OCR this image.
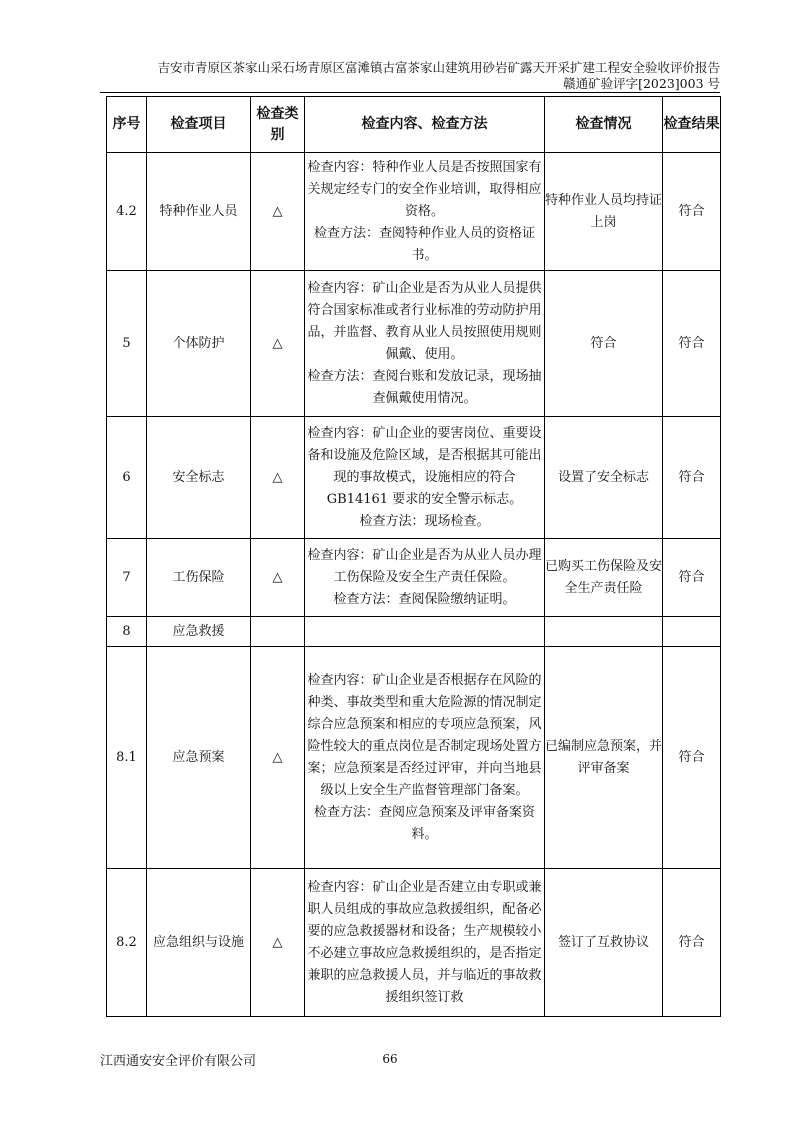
吉安市青原区茶家山采石场青原区富滩镇古富茶家山建筑用砂岩矿露天开采扩建工程安全验收评价报告
赣通矿验评字[2023]003 号
序号	检查项目	检查类别	检查内容、检查方法	检查情况	检查结果
4.2	特种作业人员	△	检查内容：特种作业人员是否按照国家有关规定经专门的安全作业培训，取得相应资格。

检查方法：查阅特种作业人员的资格证书。	特种作业人员均持证上岗	符合
5	个体防护	△	检查内容：矿山企业是否为从业人员提供符合国家标准或者行业标准的劳动防护用品，并监督、教育从业人员按照使用规则佩戴、使用。

检查方法：查阅台账和发放记录，现场抽查佩戴使用情况。	符合	符合
6	安全标志	△	检查内容：矿山企业的要害岗位、重要设备和设施及危险区域，是否根据其可能出现的事故模式，设施相应的符合 GB14161 要求的安全警示标志。

检查方法：现场检查。	设置了安全标志	符合
7	工伤保险	△	检查内容：矿山企业是否为从业人员办理工伤保险及安全生产责任保险。

检查方法：查阅保险缴纳证明。	已购买工伤保险及安全生产责任险	符合
8	应急救援				
8.1	应急预案	△	检查内容：矿山企业是否根据存在风险的种类、事故类型和重大危险源的情况制定综合应急预案和相应的专项应急预案，风险性较大的重点岗位是否制定现场处置方案；应急预案是否经过评审，并向当地县级以上安全生产监督管理部门备案。

检查方法：查阅应急预案及评审备案资料。	已编制应急预案，并评审备案	符合
8.2	应急组织与设施	△	检查内容：矿山企业是否建立由专职或兼职人员组成的事故应急救援组织，配备必要的应急救援器材和设备；生产规模较小不必建立事故应急救援组织的，是否指定兼职的应急救援人员，并与临近的事故救援组织签订救	签订了互救协议	符合
江西通安安全评价有限公司	66
